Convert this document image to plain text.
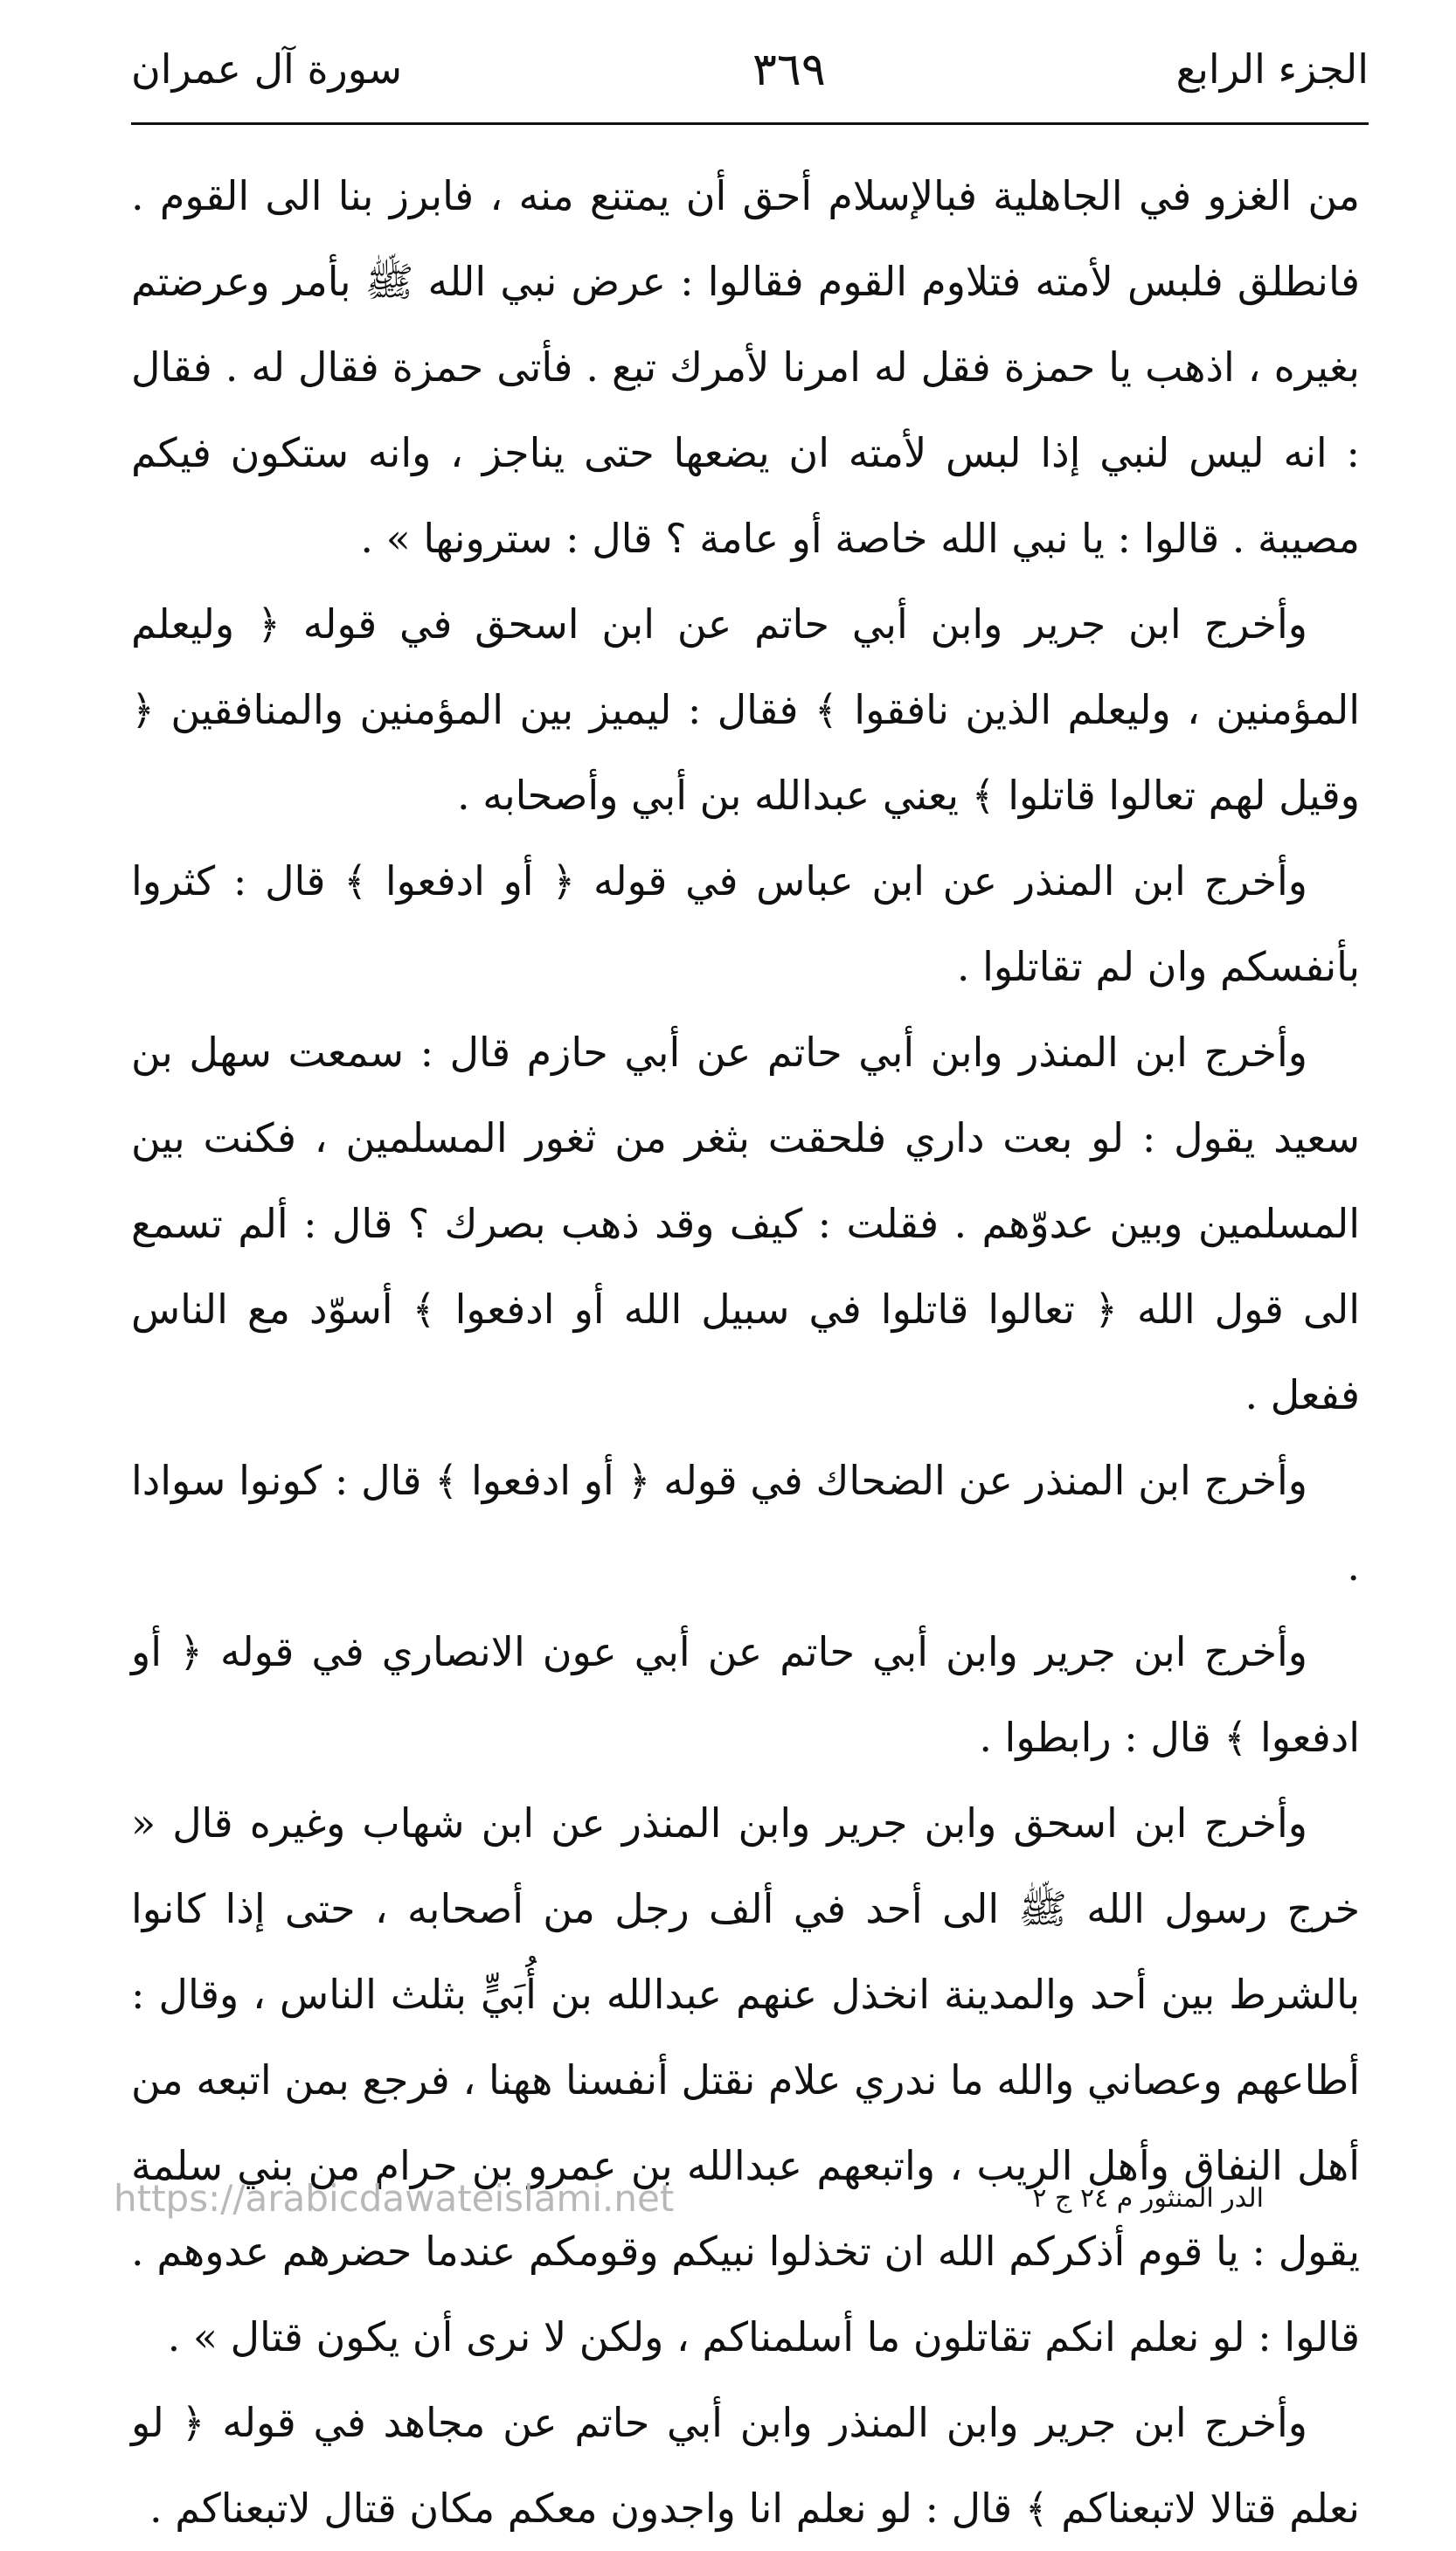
الجزء الرابع
٣٦٩
سورة آل عمران

من الغزو في الجاهلية فبالإسلام أحق أن يمتنع منه ، فابرز بنا الى القوم . فانطلق فلبس لأمته فتلاوم القوم فقالوا : عرض نبي الله ﷺ بأمر وعرضتم بغيره ، اذهب يا حمزة فقل له امرنا لأمرك تبع . فأتى حمزة فقال له . فقال : انه ليس لنبي إذا لبس لأمته ان يضعها حتى يناجز ، وانه ستكون فيكم مصيبة . قالوا : يا نبي الله خاصة أو عامة ؟ قال : سترونها » .

وأخرج ابن جرير وابن أبي حاتم عن ابن اسحق في قوله ﴿ وليعلم المؤمنين ، وليعلم الذين نافقوا ﴾ فقال : ليميز بين المؤمنين والمنافقين ﴿ وقيل لهم تعالوا قاتلوا ﴾ يعني عبدالله بن أبي وأصحابه .

وأخرج ابن المنذر عن ابن عباس في قوله ﴿ أو ادفعوا ﴾ قال : كثروا بأنفسكم وان لم تقاتلوا .

وأخرج ابن المنذر وابن أبي حاتم عن أبي حازم قال : سمعت سهل بن سعيد يقول : لو بعت داري فلحقت بثغر من ثغور المسلمين ، فكنت بين المسلمين وبين عدوّهم . فقلت : كيف وقد ذهب بصرك ؟ قال : ألم تسمع الى قول الله ﴿ تعالوا قاتلوا في سبيل الله أو ادفعوا ﴾ أسوّد مع الناس ففعل .

وأخرج ابن المنذر عن الضحاك في قوله ﴿ أو ادفعوا ﴾ قال : كونوا سوادا .

وأخرج ابن جرير وابن أبي حاتم عن أبي عون الانصاري في قوله ﴿ أو ادفعوا ﴾ قال : رابطوا .

وأخرج ابن اسحق وابن جرير وابن المنذر عن ابن شهاب وغيره قال « خرج رسول الله ﷺ الى أحد في ألف رجل من أصحابه ، حتى إذا كانوا بالشرط بين أحد والمدينة انخذل عنهم عبدالله بن أُبَيٍّ بثلث الناس ، وقال : أطاعهم وعصاني والله ما ندري علام نقتل أنفسنا ههنا ، فرجع بمن اتبعه من أهل النفاق وأهل الريب ، واتبعهم عبدالله بن عمرو بن حرام من بني سلمة يقول : يا قوم أذكركم الله ان تخذلوا نبيكم وقومكم عندما حضرهم عدوهم . قالوا : لو نعلم انكم تقاتلون ما أسلمناكم ، ولكن لا نرى أن يكون قتال » .

وأخرج ابن جرير وابن المنذر وابن أبي حاتم عن مجاهد في قوله ﴿ لو نعلم قتالا لاتبعناكم ﴾ قال : لو نعلم انا واجدون معكم مكان قتال لاتبعناكم .

الدر المنثور م ٢٤ ج ٢
https://arabicdawateislami.net
